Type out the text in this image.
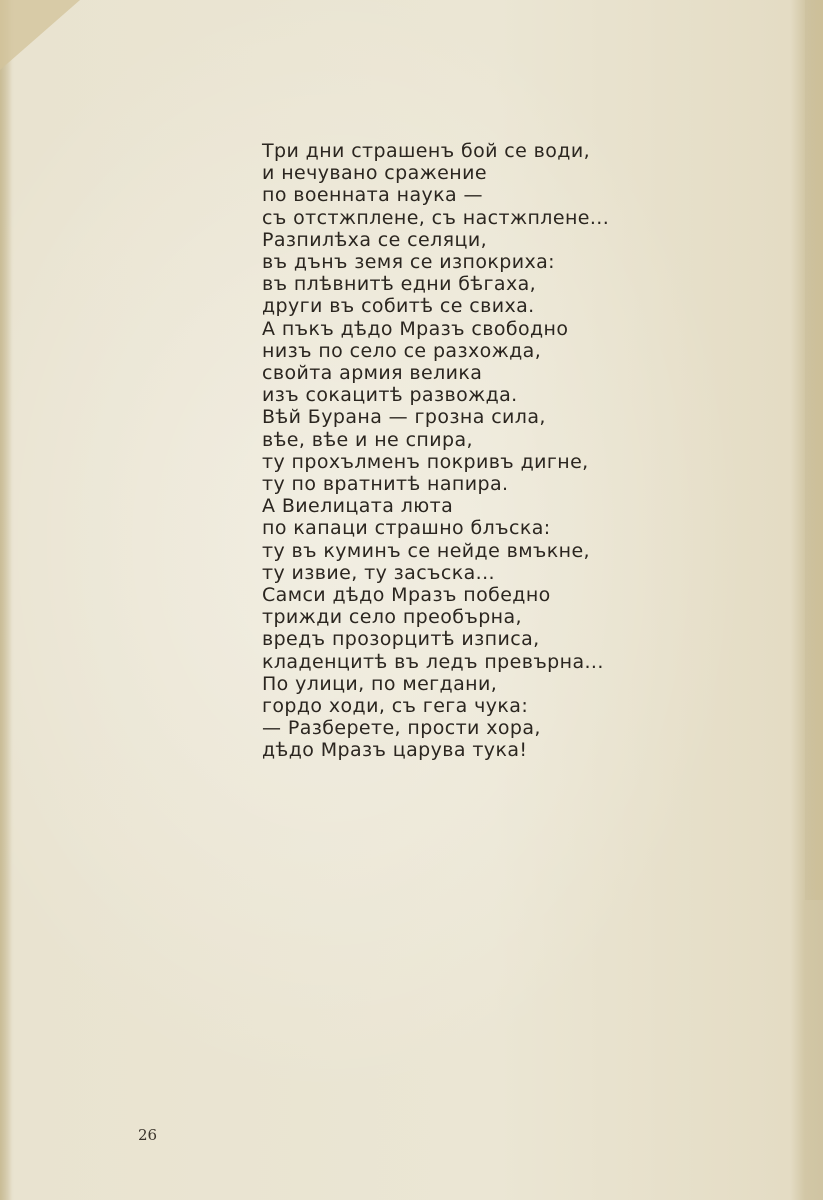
Три дни страшенъ бой се води,
и нечувано сражение
по военната наука —
съ отстжплене, съ настжплене...
Разпилѣха се селяци,
въ дънъ земя се изпокриха:
въ плѣвнитѣ едни бѣгаха,
други въ собитѣ се свиха.
А пъкъ дѣдо Мразъ свободно
низъ по село се разхожда,
свойта армия велика
изъ сокацитѣ развожда.
Вѣй Бурана — грозна сила,
вѣе, вѣе и не спира,
ту прохълменъ покривъ дигне,
ту по вратнитѣ напира.
А Виелицата люта
по капаци страшно блъска:
ту въ куминъ се нейде вмъкне,
ту извие, ту засъска...
Самси дѣдо Мразъ победно
трижди село преобърна,
вредъ прозорцитѣ изписа,
кладенцитѣ въ ледъ превърна...
По улици, по мегдани,
гордо ходи, съ гега чука:
— Разберете, прости хора,
дѣдо Мразъ царува тука!
26
